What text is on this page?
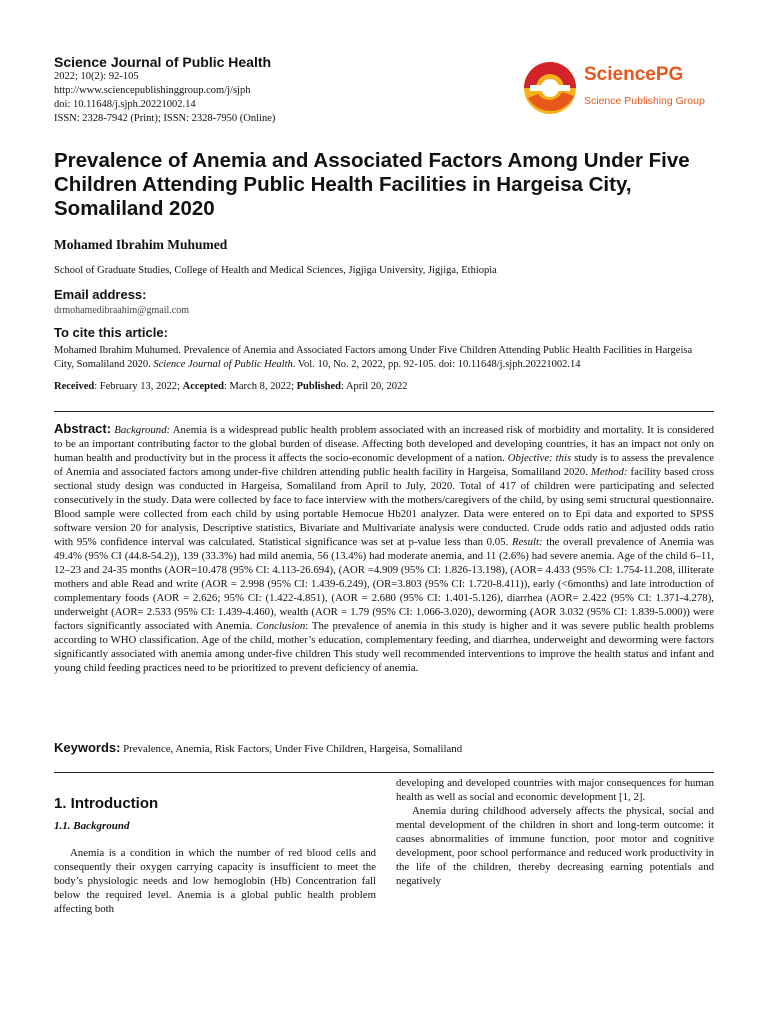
Science Journal of Public Health
2022; 10(2): 92-105
http://www.sciencepublishinggroup.com/j/sjph
doi: 10.11648/j.sjph.20221002.14
ISSN: 2328-7942 (Print); ISSN: 2328-7950 (Online)
SciencePG
Science Publishing Group
Prevalence of Anemia and Associated Factors Among Under Five Children Attending Public Health Facilities in Hargeisa City, Somaliland 2020
Mohamed Ibrahim Muhumed
School of Graduate Studies, College of Health and Medical Sciences, Jigjiga University, Jigjiga, Ethiopia
Email address:
drmohamedibraahim@gmail.com
To cite this article:
Mohamed Ibrahim Muhumed. Prevalence of Anemia and Associated Factors among Under Five Children Attending Public Health Facilities in Hargeisa City, Somaliland 2020. Science Journal of Public Health. Vol. 10, No. 2, 2022, pp. 92-105. doi: 10.11648/j.sjph.20221002.14
Received: February 13, 2022; Accepted: March 8, 2022; Published: April 20, 2022
Abstract: Background: Anemia is a widespread public health problem associated with an increased risk of morbidity and mortality. It is considered to be an important contributing factor to the global burden of disease. Affecting both developed and developing countries, it has an impact not only on human health and productivity but in the process it affects the socio-economic development of a nation. Objective: this study is to assess the prevalence of Anemia and associated factors among under-five children attending public health facility in Hargeisa, Somaliland 2020. Method: facility based cross sectional study design was conducted in Hargeisa, Somaliland from April to July, 2020. Total of 417 of children were participating and selected consecutively in the study. Data were collected by face to face interview with the mothers/caregivers of the child, by using semi structural questionnaire. Blood sample were collected from each child by using portable Hemocue Hb201 analyzer. Data were entered on to Epi data and exported to SPSS software version 20 for analysis, Descriptive statistics, Bivariate and Multivariate analysis were conducted. Crude odds ratio and adjusted odds ratio with 95% confidence interval was calculated. Statistical significance was set at p-value less than 0.05. Result: the overall prevalence of Anemia was 49.4% (95% CI (44.8-54.2)), 139 (33.3%) had mild anemia, 56 (13.4%) had moderate anemia, and 11 (2.6%) had severe anemia. Age of the child 6–11, 12–23 and 24-35 months (AOR=10.478 (95% CI: 4.113-26.694), (AOR =4.909 (95% CI: 1.826-13.198), (AOR= 4.433 (95% CI: 1.754-11.208, illiterate mothers and able Read and write (AOR = 2.998 (95% CI: 1.439-6.249), (OR=3.803 (95% CI: 1.720-8.411)), early (<6months) and late introduction of complementary foods (AOR = 2.626; 95% CI: (1.422-4.851), (AOR = 2.680 (95% CI: 1.401-5.126), diarrhea (AOR= 2.422 (95% CI: 1.371-4.278), underweight (AOR= 2.533 (95% CI: 1.439-4.460), wealth (AOR = 1.79 (95% CI: 1.066-3.020), deworming (AOR 3.032 (95% CI: 1.839-5.000)) were factors significantly associated with Anemia. Conclusion: The prevalence of anemia in this study is higher and it was severe public health problems according to WHO classification. Age of the child, mother’s education, complementary feeding, and diarrhea, underweight and deworming were factors significantly associated with anemia among under-five children This study well recommended interventions to improve the health status and infant and young child feeding practices need to be prioritized to prevent deficiency of anemia.
Keywords: Prevalence, Anemia, Risk Factors, Under Five Children, Hargeisa, Somaliland
1. Introduction
1.1. Background

Anemia is a condition in which the number of red blood cells and consequently their oxygen carrying capacity is insufficient to meet the body’s physiologic needs and low hemoglobin (Hb) Concentration fall below the required level. Anemia is a global public health problem affecting both

developing and developed countries with major consequences for human health as well as social and economic development [1, 2].

Anemia during childhood adversely affects the physical, social and mental development of the children in short and long-term outcome: it causes abnormalities of immune function, poor motor and cognitive development, poor school performance and reduced work productivity in the life of the children, thereby decreasing earning potentials and negatively
